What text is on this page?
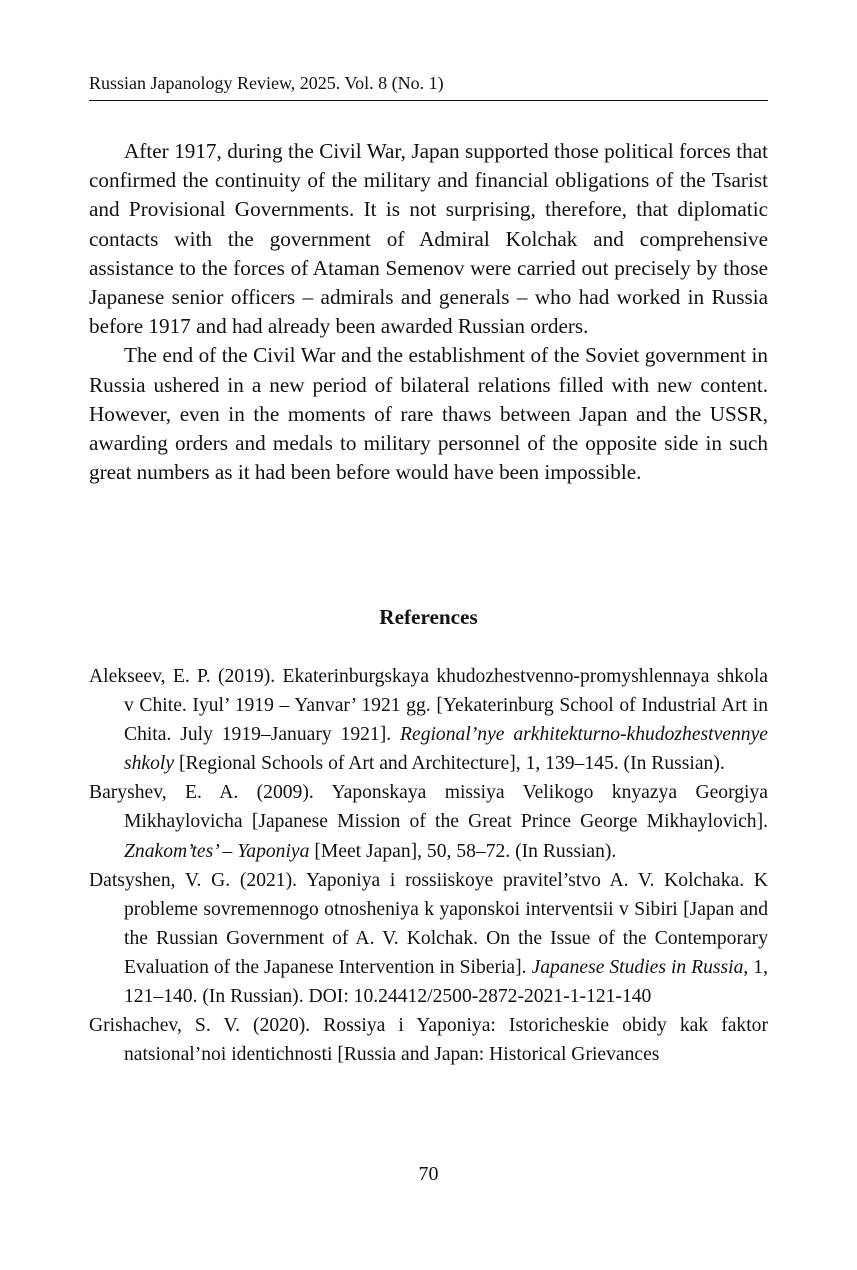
Russian Japanology Review, 2025. Vol. 8 (No. 1)

After 1917, during the Civil War, Japan supported those political forces that confirmed the continuity of the military and financial obligations of the Tsarist and Provisional Governments. It is not surprising, therefore, that diplomatic contacts with the government of Admiral Kolchak and comprehensive assistance to the forces of Ataman Semenov were carried out precisely by those Japanese senior officers – admirals and generals – who had worked in Russia before 1917 and had already been awarded Russian orders.

The end of the Civil War and the establishment of the Soviet government in Russia ushered in a new period of bilateral relations filled with new content. However, even in the moments of rare thaws between Japan and the USSR, awarding orders and medals to military personnel of the opposite side in such great numbers as it had been before would have been impossible.

References

Alekseev, E. P. (2019). Ekaterinburgskaya khudozhestvenno-promyshlennaya shkola v Chite. Iyul’ 1919 – Yanvar’ 1921 gg. [Yekaterinburg School of Industrial Art in Chita. July 1919–January 1921]. Regional’nye arkhitekturno-khudozhestvennye shkoly [Regional Schools of Art and Architecture], 1, 139–145. (In Russian).

Baryshev, E. A. (2009). Yaponskaya missiya Velikogo knyazya Georgiya Mikhaylovicha [Japanese Mission of the Great Prince George Mikhaylovich]. Znakom’tes’ – Yaponiya [Meet Japan], 50, 58–72. (In Russian).

Datsyshen, V. G. (2021). Yaponiya i rossiiskoye pravitel’stvo A. V. Kolchaka. K probleme sovremennogo otnosheniya k yaponskoi interventsii v Sibiri [Japan and the Russian Government of A. V. Kolchak. On the Issue of the Contemporary Evaluation of the Japanese Intervention in Siberia]. Japanese Studies in Russia, 1, 121–140. (In Russian). DOI: 10.24412/2500-2872-2021-1-121-140

Grishachev, S. V. (2020). Rossiya i Yaponiya: Istoricheskie obidy kak faktor natsional’noi identichnosti [Russia and Japan: Historical Grievances

70
